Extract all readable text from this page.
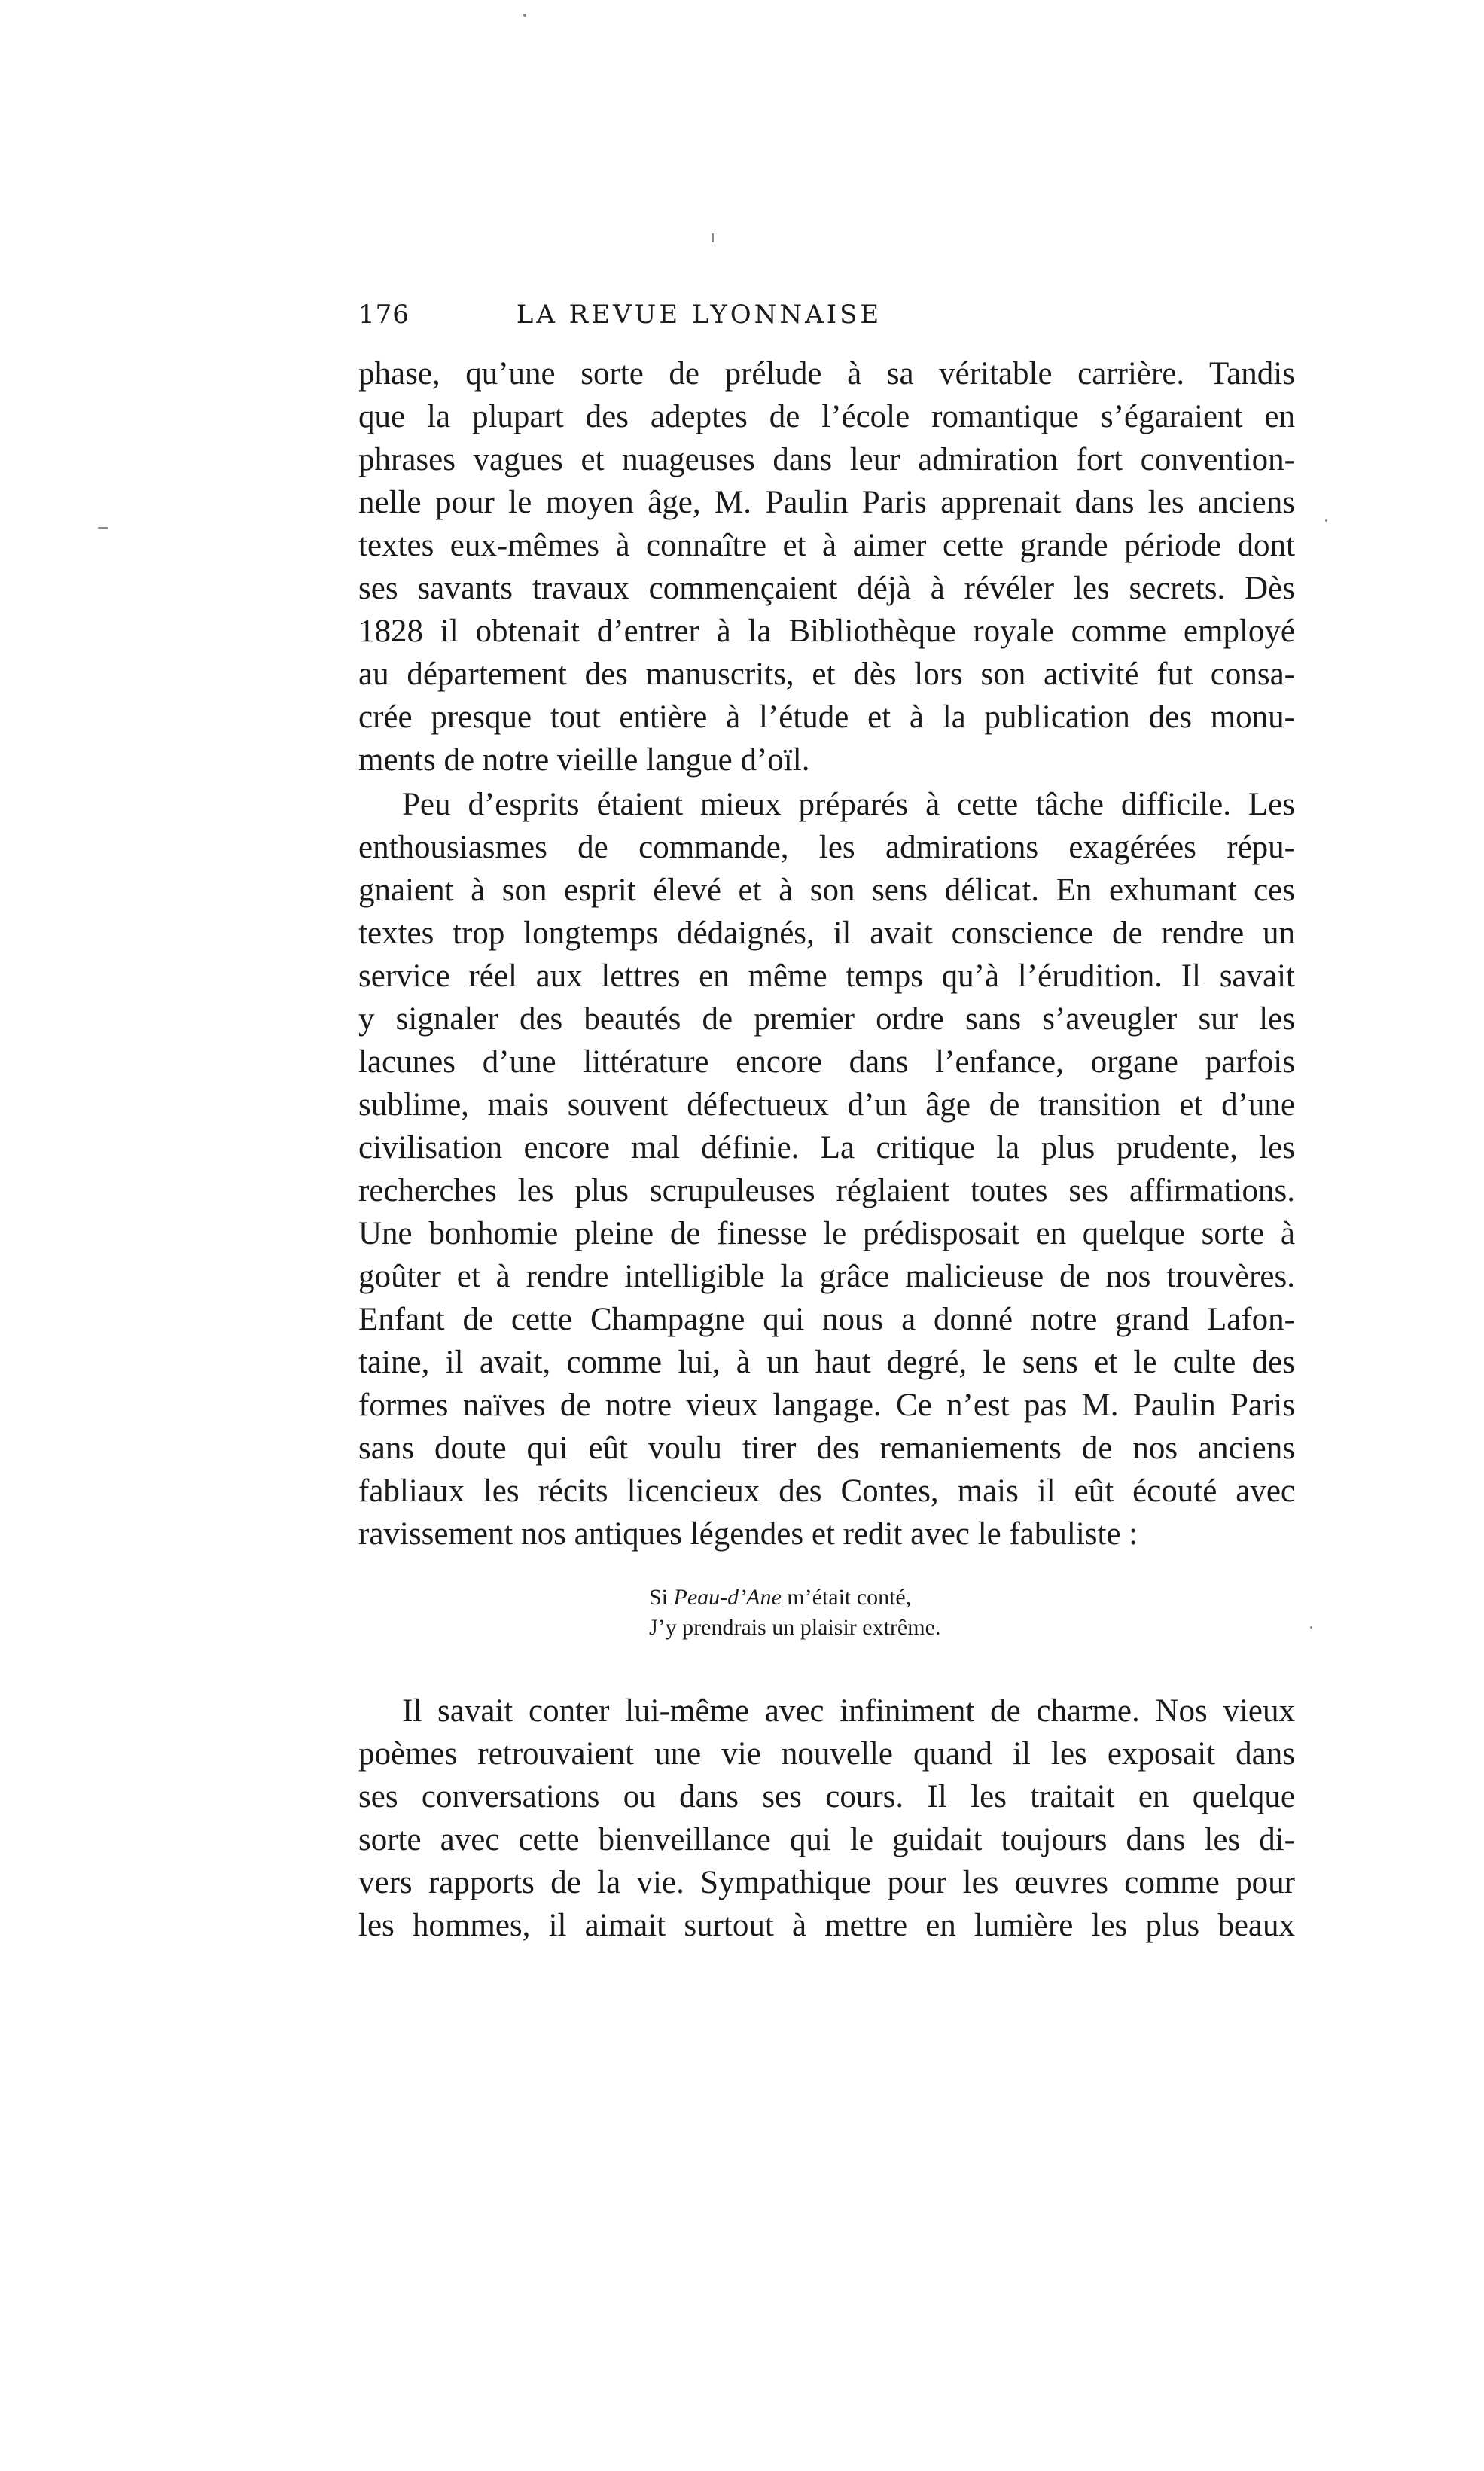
176	LA REVUE LYONNAISE
phase, qu’une sorte de prélude à sa véritable carrière. Tandis
que la plupart des adeptes de l’école romantique s’égaraient en
phrases vagues et nuageuses dans leur admiration fort convention-
nelle pour le moyen âge, M. Paulin Paris apprenait dans les anciens
textes eux-mêmes à connaître et à aimer cette grande période dont
ses savants travaux commençaient déjà à révéler les secrets. Dès
1828 il obtenait d’entrer à la Bibliothèque royale comme employé
au département des manuscrits, et dès lors son activité fut consa-
crée presque tout entière à l’étude et à la publication des monu-
ments de notre vieille langue d’oïl.
Peu d’esprits étaient mieux préparés à cette tâche difficile. Les
enthousiasmes de commande, les admirations exagérées répu-
gnaient à son esprit élevé et à son sens délicat. En exhumant ces
textes trop longtemps dédaignés, il avait conscience de rendre un
service réel aux lettres en même temps qu’à l’érudition. Il savait
y signaler des beautés de premier ordre sans s’aveugler sur les
lacunes d’une littérature encore dans l’enfance, organe parfois
sublime, mais souvent défectueux d’un âge de transition et d’une
civilisation encore mal définie. La critique la plus prudente, les
recherches les plus scrupuleuses réglaient toutes ses affirmations.
Une bonhomie pleine de finesse le prédisposait en quelque sorte à
goûter et à rendre intelligible la grâce malicieuse de nos trouvères.
Enfant de cette Champagne qui nous a donné notre grand Lafon-
taine, il avait, comme lui, à un haut degré, le sens et le culte des
formes naïves de notre vieux langage. Ce n’est pas M. Paulin Paris
sans doute qui eût voulu tirer des remaniements de nos anciens
fabliaux les récits licencieux des Contes, mais il eût écouté avec
ravissement nos antiques légendes et redit avec le fabuliste :
Si Peau-d’Ane m’était conté,
J’y prendrais un plaisir extrême.
Il savait conter lui-même avec infiniment de charme. Nos vieux
poèmes retrouvaient une vie nouvelle quand il les exposait dans
ses conversations ou dans ses cours. Il les traitait en quelque
sorte avec cette bienveillance qui le guidait toujours dans les di-
vers rapports de la vie. Sympathique pour les œuvres comme pour
les hommes, il aimait surtout à mettre en lumière les plus beaux
